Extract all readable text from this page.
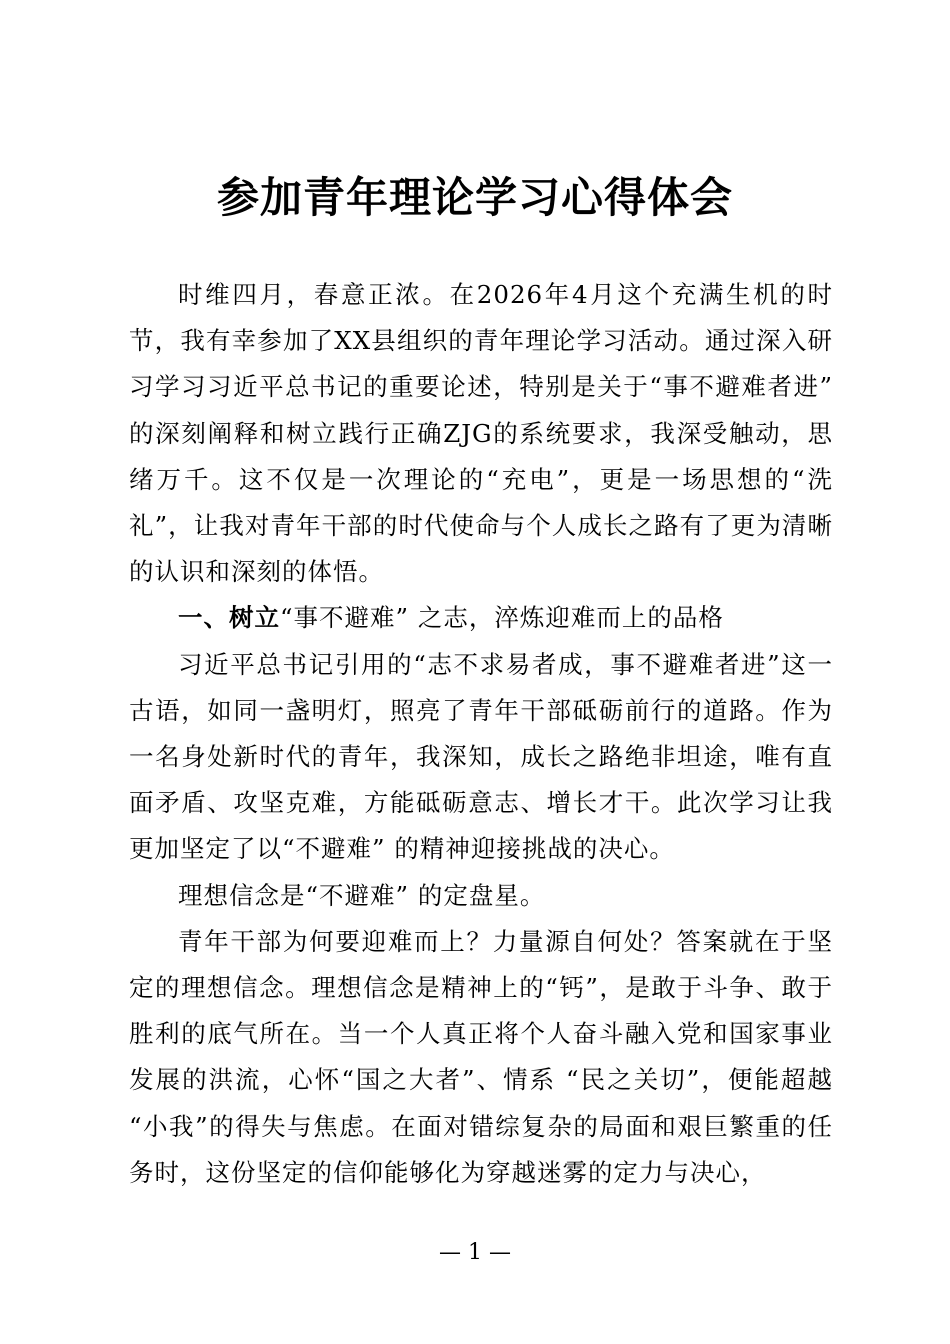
参加青年理论学习心得体会

时维四月，春意正浓。在2026年4月这个充满生机的时节，我有幸参加了XX县组织的青年理论学习活动。通过深入研习学习习近平总书记的重要论述，特别是关于“事不避难者进” 的深刻阐释和树立践行正确ZJG的系统要求，我深受触动，思绪万千。这不仅是一次理论的“充电”，更是一场思想的“洗礼”，让我对青年干部的时代使命与个人成长之路有了更为清晰的认识和深刻的体悟。

一、树立“事不避难” 之志，淬炼迎难而上的品格

习近平总书记引用的“志不求易者成，事不避难者进”这一古语，如同一盏明灯，照亮了青年干部砥砺前行的道路。作为一名身处新时代的青年，我深知，成长之路绝非坦途，唯有直面矛盾、攻坚克难，方能砥砺意志、增长才干。此次学习让我更加坚定了以“不避难” 的精神迎接挑战的决心。

理想信念是“不避难” 的定盘星。

青年干部为何要迎难而上？力量源自何处？答案就在于坚定的理想信念。理想信念是精神上的“钙”，是敢于斗争、敢于胜利的底气所在。当一个人真正将个人奋斗融入党和国家事业发展的洪流，心怀“国之大者”、情系 “民之关切”，便能超越 “小我”的得失与焦虑。在面对错综复杂的局面和艰巨繁重的任务时，这份坚定的信仰能够化为穿越迷雾的定力与决心，

— 1 —
